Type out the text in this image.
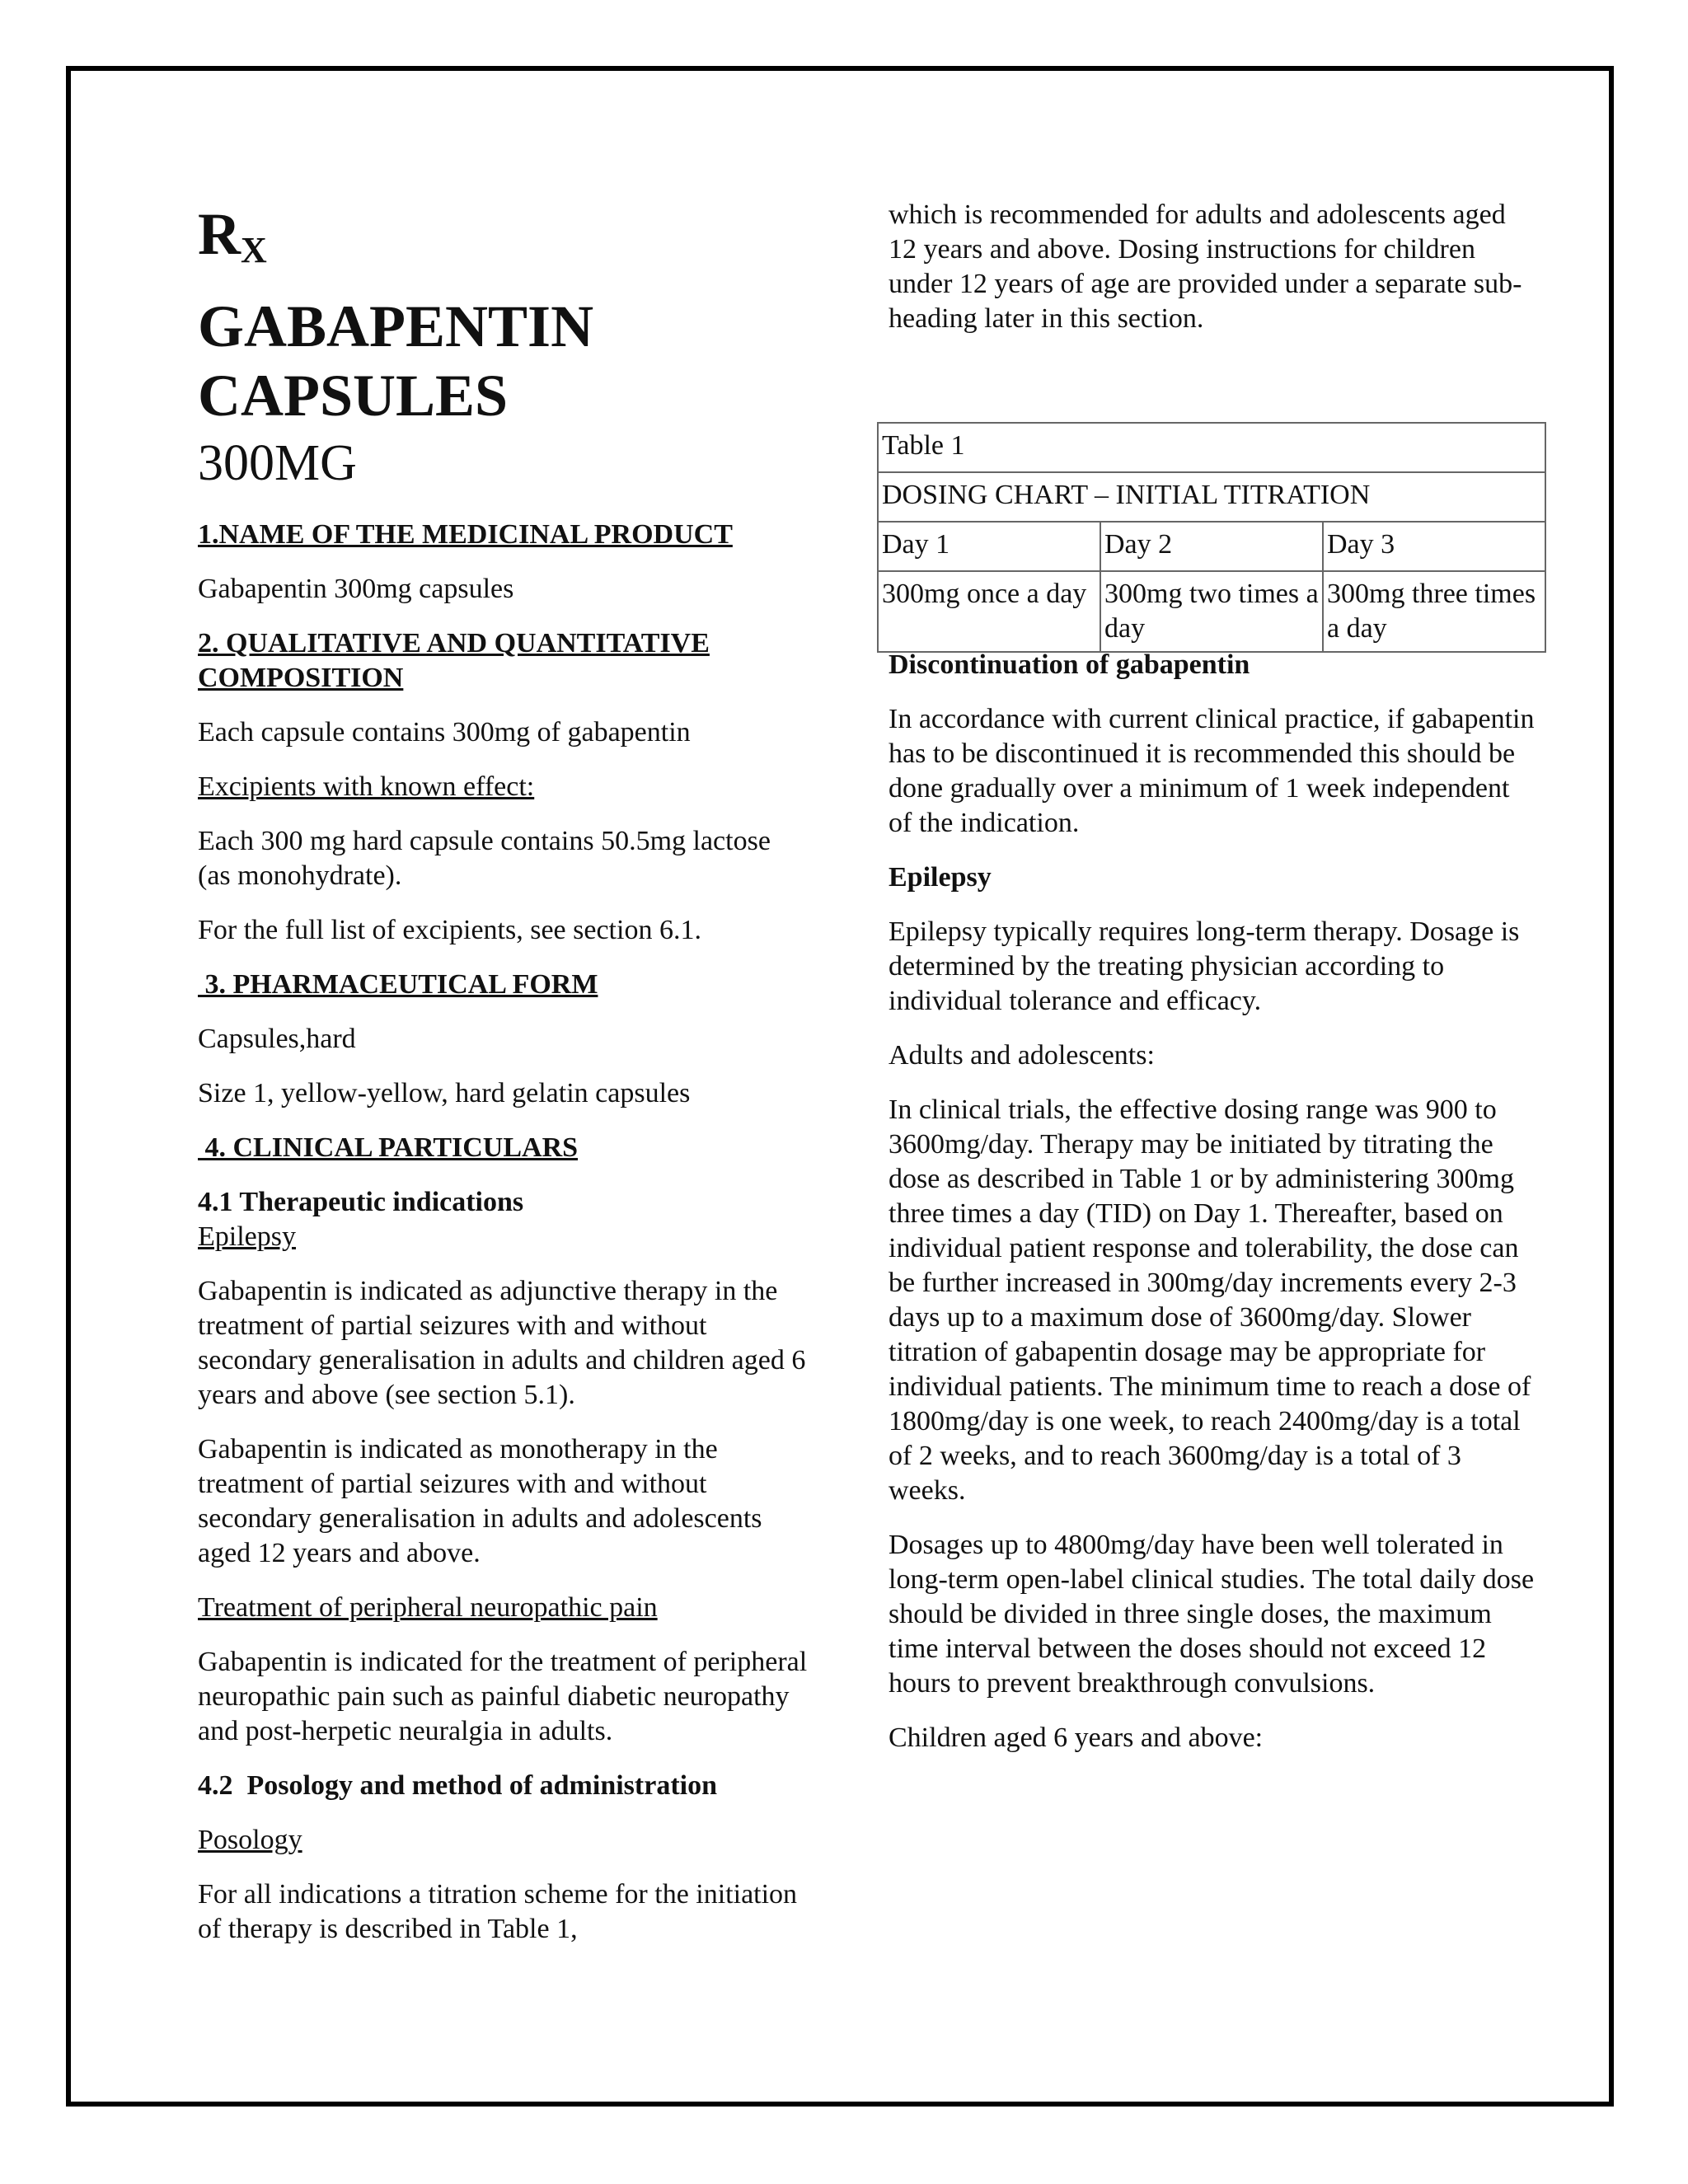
$R_X$
GABAPENTIN
CAPSULES
300MG

1.NAME OF THE MEDICINAL PRODUCT

Gabapentin 300mg capsules

2. QUALITATIVE AND QUANTITATIVE COMPOSITION

Each capsule contains 300mg of gabapentin

Excipients with known effect:

Each 300 mg hard capsule contains 50.5mg lactose (as monohydrate).

For the full list of excipients, see section 6.1.

3. PHARMACEUTICAL FORM

Capsules,hard

Size 1, yellow-yellow, hard gelatin capsules

4. CLINICAL PARTICULARS

4.1 Therapeutic indications

Epilepsy

Gabapentin is indicated as adjunctive therapy in the treatment of partial seizures with and without secondary generalisation in adults and children aged 6 years and above (see section 5.1).

Gabapentin is indicated as monotherapy in the treatment of partial seizures with and without secondary generalisation in adults and adolescents aged 12 years and above.

Treatment of peripheral neuropathic pain

Gabapentin is indicated for the treatment of peripheral neuropathic pain such as painful diabetic neuropathy and post-herpetic neuralgia in adults.

4.2  Posology and method of administration

Posology

For all indications a titration scheme for the initiation of therapy is described in Table 1,

which is recommended for adults and adolescents aged 12 years and above. Dosing instructions for children under 12 years of age are provided under a separate sub-heading later in this section.

Table 1		
DOSING CHART – INITIAL TITRATION		
Day 1	Day 2	Day 3
300mg once a day	300mg two times a day	300mg three times a day

Discontinuation of gabapentin

In accordance with current clinical practice, if gabapentin has to be discontinued it is recommended this should be done gradually over a minimum of 1 week independent of the indication.

Epilepsy

Epilepsy typically requires long-term therapy. Dosage is determined by the treating physician according to individual tolerance and efficacy.

Adults and adolescents:

In clinical trials, the effective dosing range was 900 to 3600mg/day. Therapy may be initiated by titrating the dose as described in Table 1 or by administering 300mg three times a day (TID) on Day 1. Thereafter, based on individual patient response and tolerability, the dose can be further increased in 300mg/day increments every 2-3 days up to a maximum dose of 3600mg/day. Slower titration of gabapentin dosage may be appropriate for individual patients. The minimum time to reach a dose of 1800mg/day is one week, to reach 2400mg/day is a total of 2 weeks, and to reach 3600mg/day is a total of 3 weeks.

Dosages up to 4800mg/day have been well tolerated in long-term open-label clinical studies. The total daily dose should be divided in three single doses, the maximum time interval between the doses should not exceed 12 hours to prevent breakthrough convulsions.

Children aged 6 years and above:
